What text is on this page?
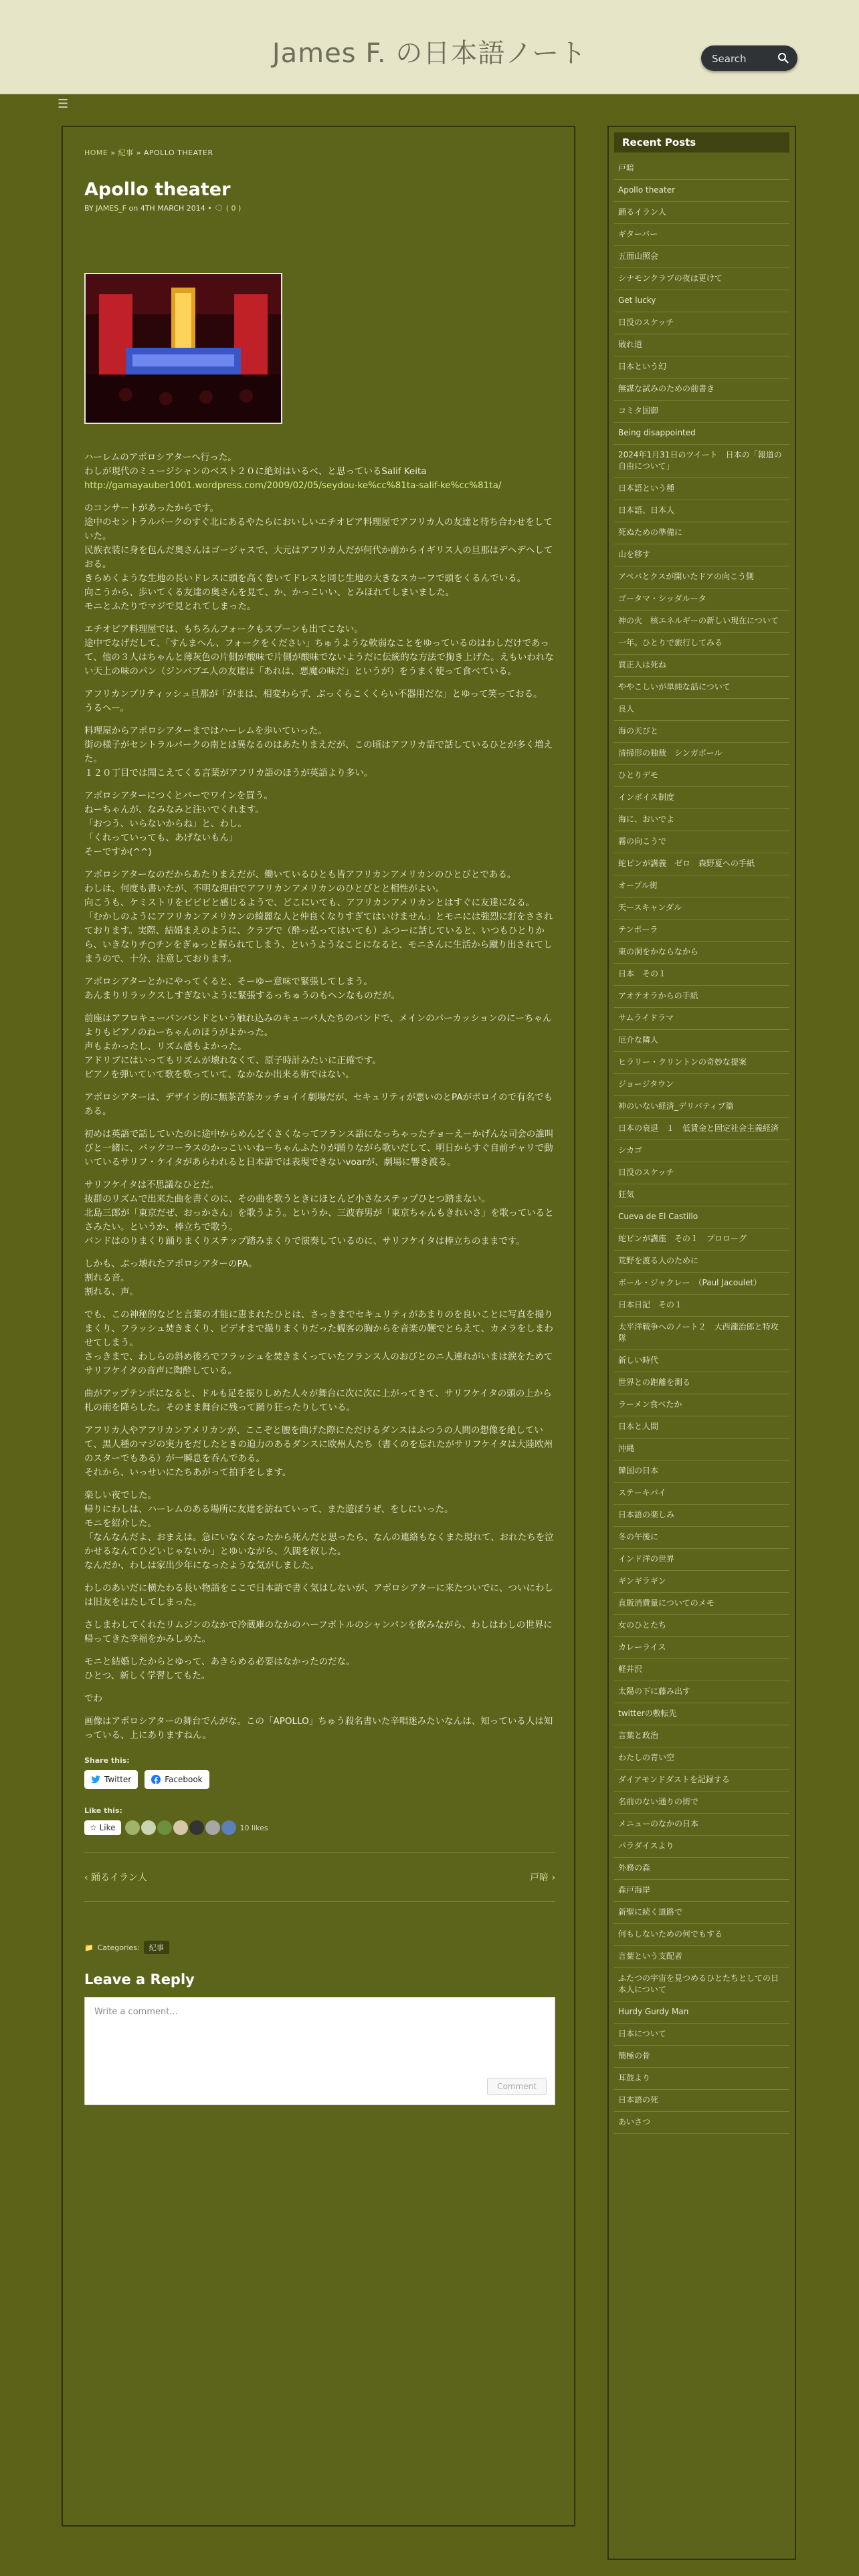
James F. の日本語ノート
Search
☰
HOME » 紀事 » APOLLO THEATER
Apollo theater
BY JAMES_F on 4TH MARCH 2014 • 🗨 ( 0 )

ハーレムのアポロシアターへ行った。
わしが現代のミュージシャンのベスト２０に絶対はいるべ、と思っているSalif Keita
http://gamayauber1001.wordpress.com/2009/02/05/seydou-ke%cc%81ta-salif-ke%cc%81ta/

のコンサートがあったからです。
途中のセントラルパークのすぐ北にあるやたらにおいしいエチオピア料理屋でアフリカ人の友達と待ち合わせをしていた。
民族衣装に身を包んだ奥さんはゴージャスで、大元はアフリカ人だが何代か前からイギリス人の旦那はデヘデヘしておる。
きらめくような生地の長いドレスに頭を高く巻いてドレスと同じ生地の大きなスカーフで頭をくるんでいる。
向こうから、歩いてくる友達の奥さんを見て、か、かっこいい、とみほれてしまいました。
モニとふたりでマジで見とれてしまった。

エチオピア料理屋では、もちろんフォークもスプーンも出てこない。
途中でなげだして、「すんまへん、フォークをください」ちゅうような軟弱なことをゆっているのはわしだけであって、他の３人はちゃんと薄灰色の片側が酸味で片側が酸味でないようだに伝統的な方法で掬き上げた。えもいわれない天上の味のパン（ジンバブエ人の友達は「あれは、悪魔の味だ」というが）をうまく使って食べている。

アフリカンブリティッシュ旦那が「がまは、相変わらず、ぶっくらこくくらい不器用だな」とゆって笑っておる。
うるへー。

料理屋からアポロシアターまではハーレムを歩いていった。
街の様子がセントラルパークの南とは異なるのはあたりまえだが、この頃はアフリカ語で話しているひとが多く増えた。
１２０丁目では聞こえてくる言葉がアフリカ語のほうが英語より多い。

アポロシアターにつくとバーでワインを買う。
ねーちゃんが、なみなみと注いでくれます。
「おつう、いらないからね」と、わし。
「くれっていっても、あげないもん」
そーですか(^^)

アポロシアターなのだからあたりまえだが、働いているひとも皆アフリカンアメリカンのひとびとである。
わしは、何度も書いたが、不明な理由でアフリカンアメリカンのひとびとと相性がよい。
向こうも、ケミストリをビビビと感じるようで、どこにいても、アフリカンアメリカンとはすぐに友達になる。
「むかしのようにアフリカンアメリカンの綺麗な人と仲良くなりすぎてはいけません」とモニには強烈に釘をさされております。実際、結婚まえのように、クラブで（酔っ払ってはいても）ふつーに話していると、いつもひとりから、いきなりチ○チンをぎゅっと握られてしまう、というようなことになると、モニさんに生活から蹴り出されてしまうので、十分、注意しております。

アポロシアターとかにやってくると、そーゆー意味で緊張してしまう。
あんまりリラックスしすぎないように緊張するっちゅうのもヘンなものだが。

前座はアフロキューバンバンドという触れ込みのキューバ人たちのバンドで、メインのパーカッションのにーちゃんよりもピアノのねーちゃんのほうがよかった。
声もよかったし、リズム感もよかった。
アドリブにはいってもリズムが壊れなくて、原子時計みたいに正確です。
ピアノを弾いていて歌を歌っていて、なかなか出来る術ではない。

アポロシアターは、デザイン的に無茶苦茶カッチョイイ劇場だが、セキュリティが悪いのとPAがボロイので有名でもある。

初めは英語で話していたのに途中からめんどくさくなってフランス語になっちゃったチョーえーかげんな司会の誰叫びと一緒に、バックコーラスのかっこいいねーちゃんふたりが踊りながら歌いだして、明日からすぐ自前チャリで動いているサリフ・ケイタがあらわれると日本語では表現できないvoarが、劇場に響き渡る。

サリフケイタは不思議なひとだ。
抜群のリズムで出来た曲を書くのに、その曲を歌うときにほとんど小さなステップひとつ踏まない。
北島三郎が「東京だぜ、おっかさん」を歌うよう。というか、三波春男が「東京ちゃんもきれいさ」を歌っているとさみたい。というか、棒立ちで歌う。
バンドはのりまくり踊りまくりステップ踏みまくりで演奏しているのに、サリフケイタは棒立ちのままです。

しかも、ぶっ壊れたアポロシアターのPA。
割れる音。
割れる、声。

でも、この神秘的などと言葉の才能に恵まれたひとは、さっきまでセキュリティがあまりのを良いことに写真を撮りまくり、フラッシュ焚きまくり、ビデオまで撮りまくりだった観客の胸からを音楽の鞭でとらえて、カメラをしまわせてしまう。
さっきまで、わしらの斜め後ろでフラッシュを焚きまくっていたフランス人のおびとのニ人連れがいまは涙をためてサリフケイタの音声に陶酔している。

曲がアップテンポになると、ドルも足を振りしめた人々が舞台に次に次に上がってきて、サリフケイタの頭の上から札の雨を降らした。そのまま舞台に残って踊り狂ったりしている。

アフリカ人やアフリカンアメリカンが、ここぞと腰を曲げた際にただけるダンスはふつうの人間の想像を絶していて、黒人種のマジの実力をだしたときの迫力のあるダンスに欧州人たち（書くのを忘れたがサリフケイタは大陸欧州のスターでもある）が一瞬息を呑んである。
それから、いっせいにたちあがって拍手をします。

楽しい夜でした。
帰りにわしは、ハーレムのある場所に友達を訪ねていって、また遊ぼうぜ、をしにいった。
モニを紹介した。
「なんなんだよ、おまえは。急にいなくなったから死んだと思ったら、なんの連絡もなくまた現れて、おれたちを泣かせるなんてひどいじゃないか」とゆいながら、久闊を叙した。
なんだか、わしは家出少年になったような気がしました。

わしのあいだに横たわる長い物語をここで日本語で書く気はしないが、アポロシアターに来たついでに、ついにわしは旧友をはたしてしまった。

さしまわしてくれたリムジンのなかで冷蔵庫のなかのハーフボトルのシャンパンを飲みながら、わしはわしの世界に帰ってきた幸福をかみしめた。

モニと結婚したからとゆって、あきらめる必要はなかったのだな。
ひとつ、新しく学習してもた。

でわ

画像はアポロシアターの舞台でんがな。この「APOLLO」ちゅう殺名書いた辛唱迷みたいなんは、知っている人は知っている、上にありますねん。

Share this:
Twitter	Facebook
Like this:
☆ Like	10 likes
‹ 踊るイラン人	戸暗 ›
📁 Categories:	紀事
Leave a Reply
Write a comment...
Comment
Recent Posts
戸暗
Apollo theater
踊るイラン人
ギターバー
五面山照会
シナモンクラブの夜は更けて
Get lucky
日没のスケッチ
破れ道
日本という幻
無謀な試みのための前書き
コミタ国御
Being disappointed
2024年1月31日のツイート　日本の「報道の自由について」
日本語という種
日本語、日本人
死ぬための準備に
山を移す
アペバとクスが開いたドアの向こう側
ゴータマ・シッダルータ
神の火　核エネルギーの新しい現在について
一年。ひとりで旅行してみる
買正人は死ね
ややこしいが単純な話について
良人
海の天びと
清掃形の独裁　シンガポール
ひとりデモ
インボイス制度
海に、おいでよ
霧の向こうで
蛇ピンが講義　ゼロ　森野夏への手紙
オープル街
天ースキャンダル
テンポーラ
東の洞をかならなから
日本　その１
アオテオラからの手紙
サムライドラマ
厄介な隣人
ヒラリー・クリントンの奇妙な提案
ジョージタウン
神のいない経済_デリバティブ篇
日本の衰退　１　低賃金と固定社会主義経済
シカゴ
日没のスケッチ
狂気
Cueva de El Castillo
蛇ピンが講座　その１　プロローグ
荒野を渡る人のために
ボール・ジャクレー　（Paul Jacoulet）
日本日記　その１
太平洋戦争へのノート２　大西瀧治郎と特攻隊
新しい時代
世界との距離を測る
ラーメン食べたか
日本と人間
沖縄
韓国の日本
ステーキバイ
日本語の楽しみ
冬の午後に
インド洋の世界
ギンギラギン
直販消費量についてのメモ
女のひとたち
カレーライス
軽井沢
太陽の下に藤み出す
twitterの敷転先
言葉と政治
わたしの青い空
ダイアモンドダストを記録する
名前のない通りの街で
メニューのなかの日本
パラダイスより
外務の森
森戸海岸
新聖に続く道路で
何もしないための何でもする
言葉という支配者
ふたつの宇宙を見つめるひとたちとしての日本人について
Hurdy Gurdy Man
日本について
簡極の骨
耳鼓より
日本語の死
あいさつ
